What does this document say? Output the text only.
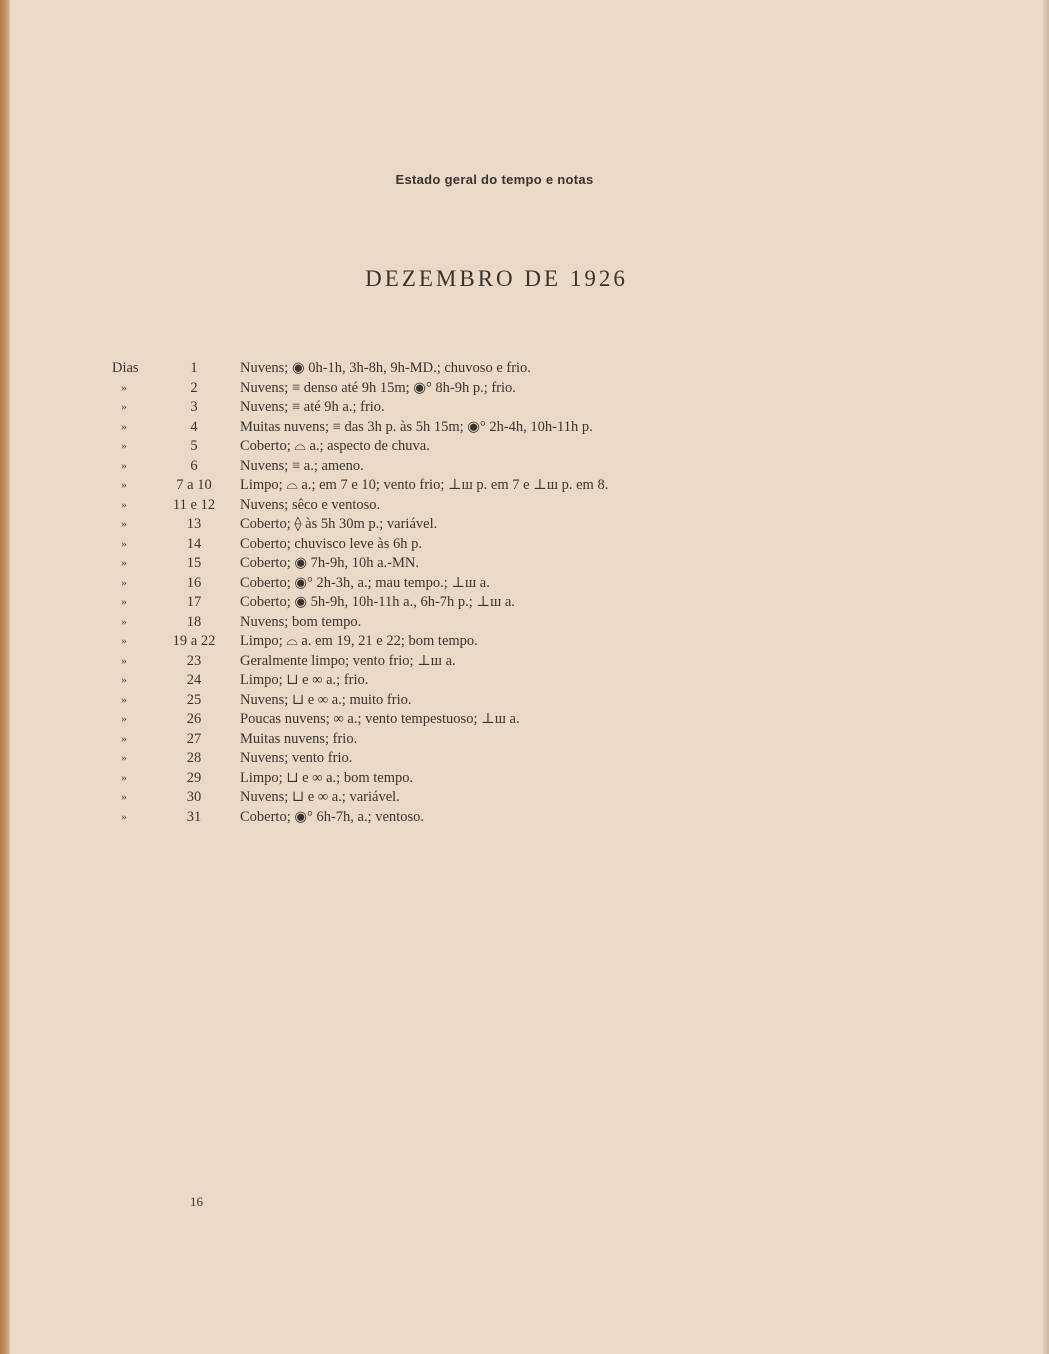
Estado geral do tempo e notas
DEZEMBRO DE 1926
Dias	1	Nuvens; ◉ 0h-1h, 3h-8h, 9h-MD.; chuvoso e frio.
»	2	Nuvens; ≡ denso até 9h 15m; ◉° 8h-9h p.; frio.
»	3	Nuvens; ≡ até 9h a.; frio.
»	4	Muitas nuvens; ≡ das 3h p. às 5h 15m; ◉° 2h-4h, 10h-11h p.
»	5	Coberto; ⌓ a.; aspecto de chuva.
»	6	Nuvens; ≡ a.; ameno.
»	7 a 10	Limpo; ⌓ a.; em 7 e 10; vento frio; ⊥ш p. em 7 e ⊥ш p. em 8.
»	11 e 12	Nuvens; sêco e ventoso.
»	13	Coberto; ⟠ às 5h 30m p.; variável.
»	14	Coberto; chuvisco leve às 6h p.
»	15	Coberto; ◉ 7h-9h, 10h a.-MN.
»	16	Coberto; ◉° 2h-3h, a.; mau tempo.; ⊥ш a.
»	17	Coberto; ◉ 5h-9h, 10h-11h a., 6h-7h p.; ⊥ш a.
»	18	Nuvens; bom tempo.
»	19 a 22	Limpo; ⌓ a. em 19, 21 e 22; bom tempo.
»	23	Geralmente limpo; vento frio; ⊥ш a.
»	24	Limpo; ⊔ e ∞ a.; frio.
»	25	Nuvens; ⊔ e ∞ a.; muito frio.
»	26	Poucas nuvens; ∞ a.; vento tempestuoso; ⊥ш a.
»	27	Muitas nuvens; frio.
»	28	Nuvens; vento frio.
»	29	Limpo; ⊔ e ∞ a.; bom tempo.
»	30	Nuvens; ⊔ e ∞ a.; variável.
»	31	Coberto; ◉° 6h-7h, a.; ventoso.
16
